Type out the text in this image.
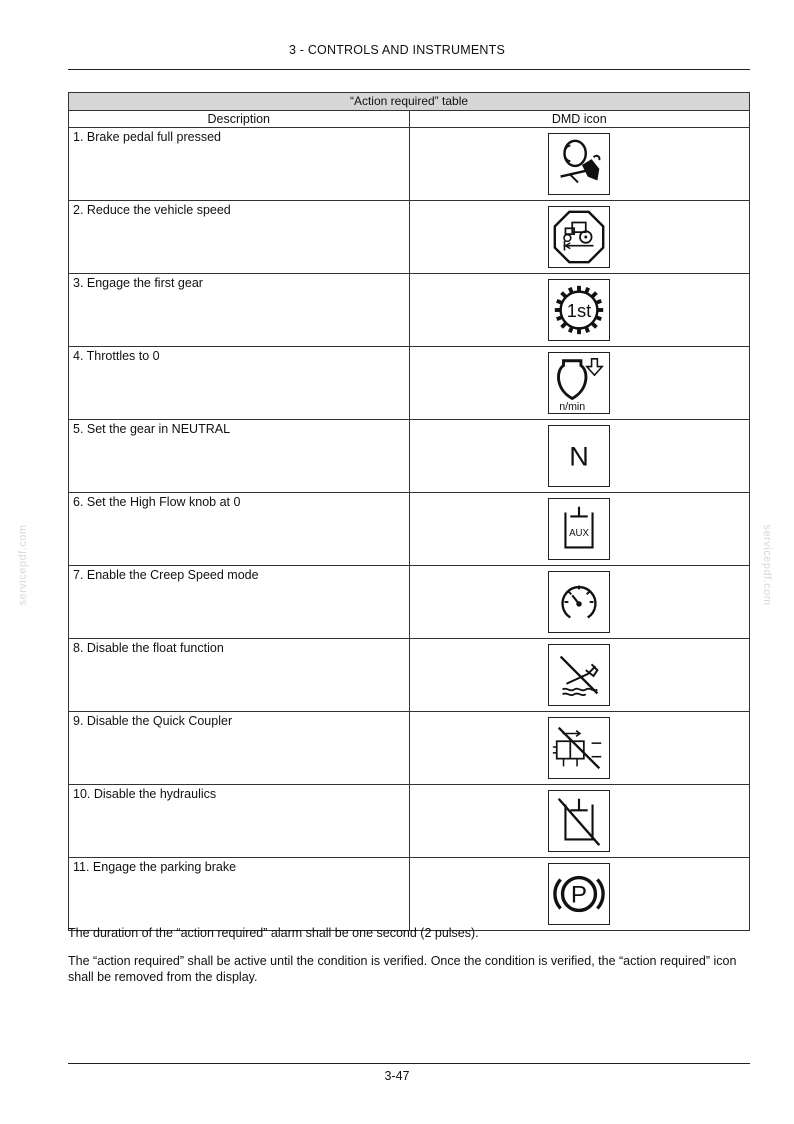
3 - CONTROLS AND INSTRUMENTS
servicepdf.com	servicepdf.com
“Action required” table	
Description	DMD icon
1. Brake pedal full pressed	

2. Reduce the vehicle speed	

3. Engage the first gear	1st

4. Throttles to 0	n/min

5. Set the gear in NEUTRAL	N

6. Set the High Flow knob at 0	AUX

7. Enable the Creep Speed mode	

8. Disable the float function	

9. Disable the Quick Coupler	

10. Disable the hydraulics	

11. Engage the parking brake	P
The duration of the “action required” alarm shall be one second (2 pulses).
The “action required” shall be active until the condition is verified. Once the condition is verified, the “action required” icon shall be removed from the display.
3-47
